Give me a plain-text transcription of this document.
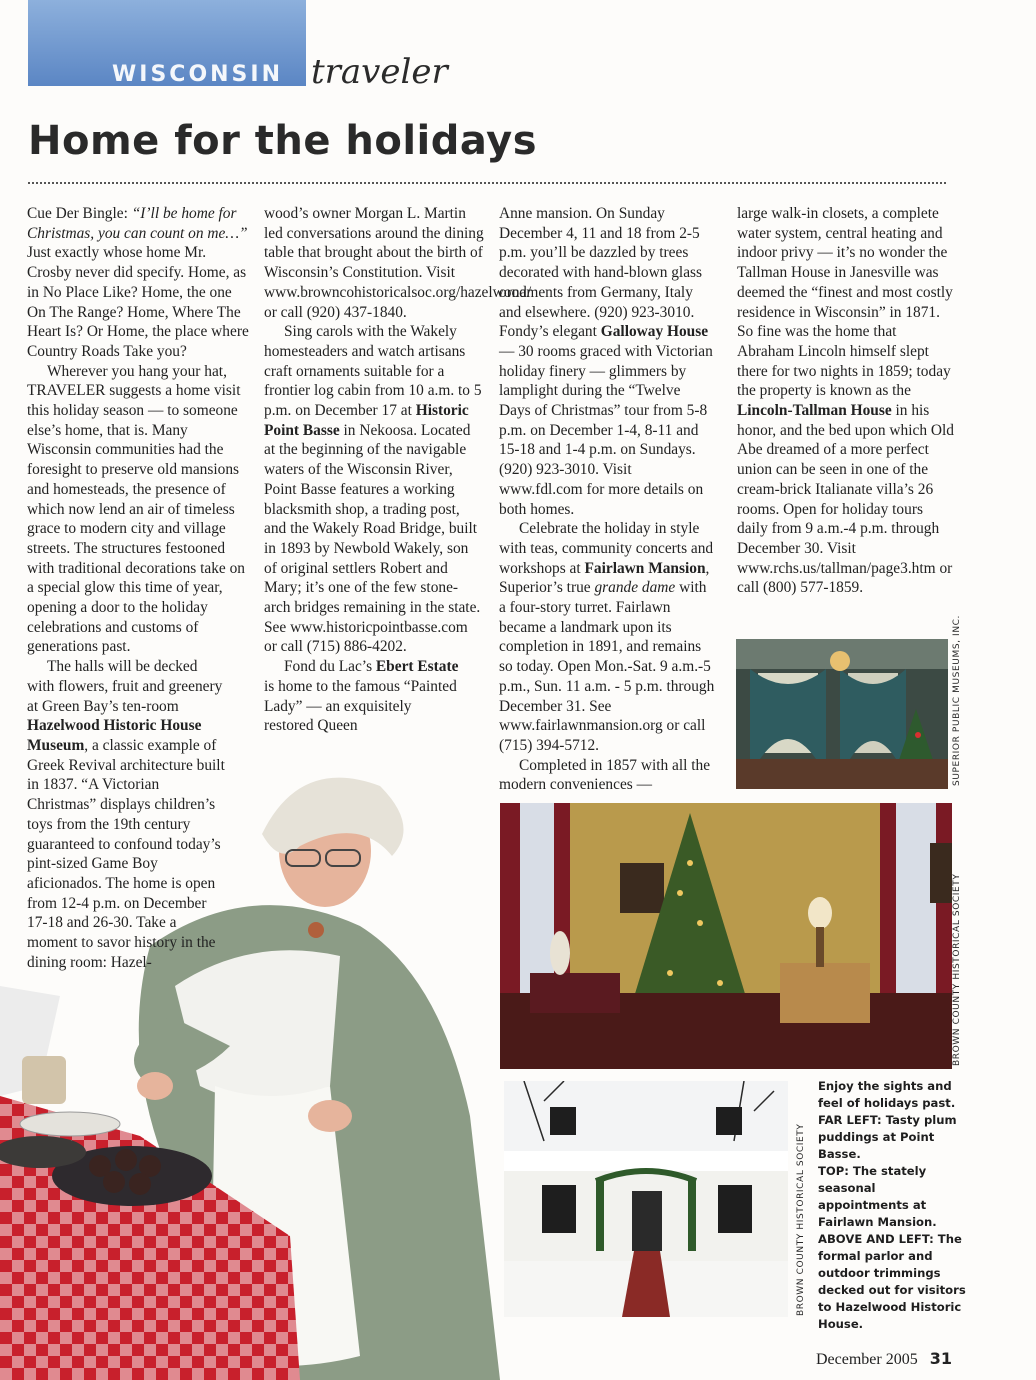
WISCONSIN traveler
Home for the holidays

Cue Der Bingle: “I’ll be home for Christmas, you can count on me…” Just exactly whose home Mr. Crosby never did specify. Home, as in No Place Like? Home, the one On The Range? Home, Where The Heart Is? Or Home, the place where Country Roads Take you?

Wherever you hang your hat, TRAVELER suggests a home visit this holiday season — to someone else’s home, that is. Many Wisconsin communities had the foresight to preserve old mansions and homesteads, the presence of which now lend an air of timeless grace to modern city and village streets. The structures festooned with traditional decorations take on a special glow this time of year, opening a door to the holiday celebrations and customs of generations past.

The halls will be decked with flowers, fruit and greenery at Green Bay’s ten-room Hazelwood Historic House Museum, a classic example of Greek Revival architecture built in 1837. “A Victorian Christmas” displays children’s toys from the 19th century guaranteed to confound today’s pint-sized Game Boy aficionados. The home is open from 12-4 p.m. on December 17-18 and 26-30. Take a moment to savor history in the dining room: Hazel-

wood’s owner Morgan L. Martin led conversations around the dining table that brought about the birth of Wisconsin’s Constitution. Visit www.browncohistoricalsoc.org/hazelwood/ or call (920) 437-1840.

Sing carols with the Wakely homesteaders and watch artisans craft ornaments suitable for a frontier log cabin from 10 a.m. to 5 p.m. on December 17 at Historic Point Basse in Nekoosa. Located at the beginning of the navigable waters of the Wisconsin River, Point Basse features a working blacksmith shop, a trading post, and the Wakely Road Bridge, built in 1893 by Newbold Wakely, son of original settlers Robert and Mary; it’s one of the few stone-arch bridges remaining in the state. See www.historicpointbasse.com or call (715) 886-4202.

Fond du Lac’s Ebert Estate is home to the famous “Painted Lady” — an exquisitely restored Queen

Anne mansion. On Sunday December 4, 11 and 18 from 2-5 p.m. you’ll be dazzled by trees decorated with hand-blown glass ornaments from Germany, Italy and elsewhere. (920) 923-3010. Fondy’s elegant Galloway House — 30 rooms graced with Victorian holiday finery — glimmers by lamplight during the “Twelve Days of Christmas” tour from 5-8 p.m. on December 1-4, 8-11 and 15-18 and 1-4 p.m. on Sundays. (920) 923-3010. Visit www.fdl.com for more details on both homes.

Celebrate the holiday in style with teas, community concerts and workshops at Fairlawn Mansion, Superior’s true grande dame with a four-story turret. Fairlawn became a landmark upon its completion in 1891, and remains so today. Open Mon.-Sat. 9 a.m.-5 p.m., Sun. 11 a.m. - 5 p.m. through December 31. See www.fairlawnmansion.org or call (715) 394-5712.

Completed in 1857 with all the modern conveniences —

large walk-in closets, a complete water system, central heating and indoor privy — it’s no wonder the Tallman House in Janesville was deemed the “finest and most costly residence in Wisconsin” in 1871. So fine was the home that Abraham Lincoln himself slept there for two nights in 1859; today the property is known as the Lincoln-Tallman House in his honor, and the bed upon which Old Abe dreamed of a more perfect union can be seen in one of the cream-brick Italianate villa’s 26 rooms. Open for holiday tours daily from 9 a.m.-4 p.m. through December 30. Visit www.rchs.us/tallman/page3.htm or call (800) 577-1859.

SUPERIOR PUBLIC MUSEUMS, INC.
BROWN COUNTY HISTORICAL SOCIETY
BROWN COUNTY HISTORICAL SOCIETY
Enjoy the sights and feel of holidays past.
FAR LEFT: Tasty plum puddings at Point Basse.
TOP: The stately seasonal appointments at Fairlawn Mansion.
ABOVE AND LEFT: The formal parlor and outdoor trimmings decked out for visitors to Hazelwood Historic House.
December 2005 31
